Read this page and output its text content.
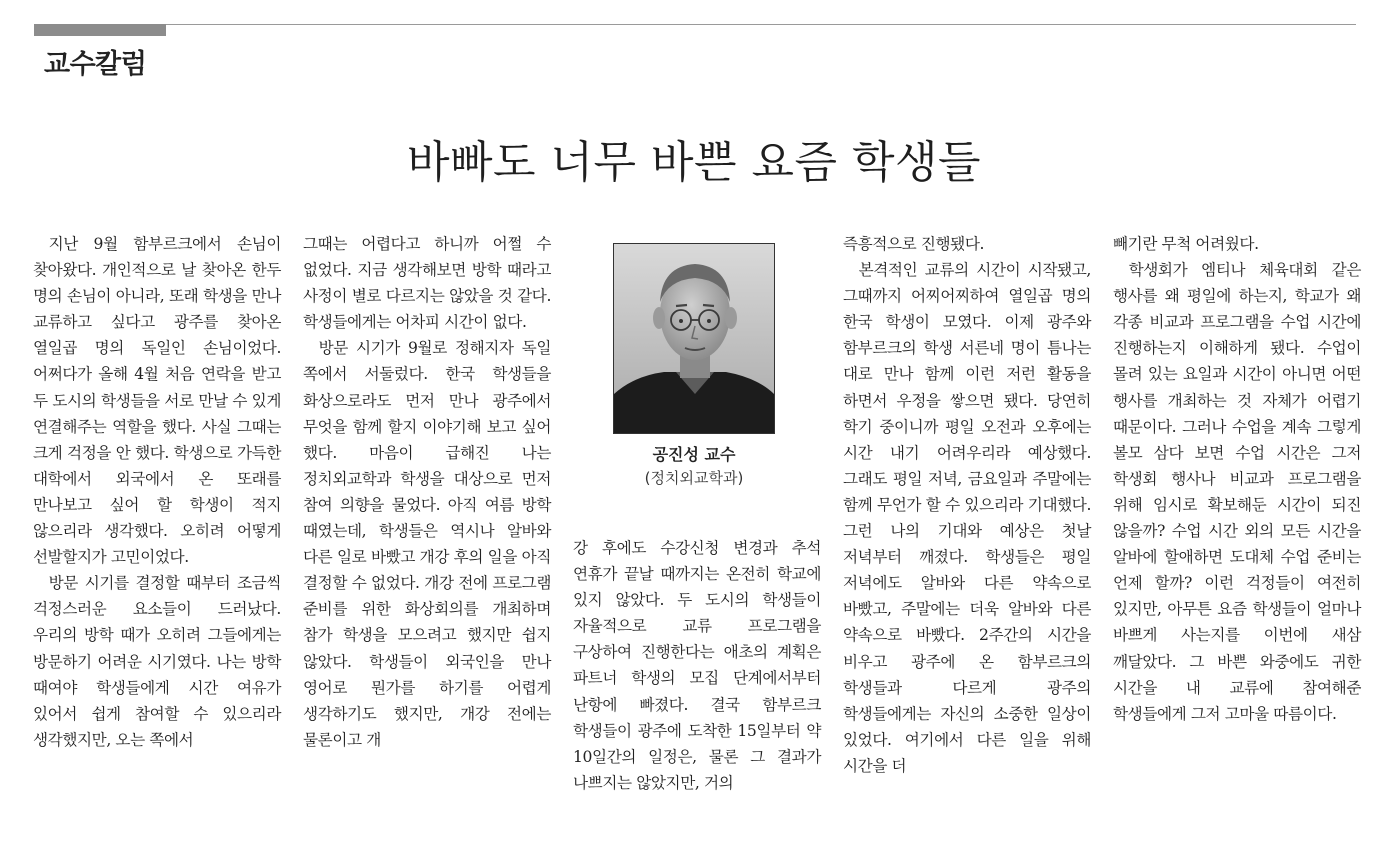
교수칼럼
바빠도 너무 바쁜 요즘 학생들

지난 9월 함부르크에서 손님이 찾아왔다. 개인적으로 날 찾아온 한두 명의 손님이 아니라, 또래 학생을 만나 교류하고 싶다고 광주를 찾아온 열일곱 명의 독일인 손님이었다. 어쩌다가 올해 4월 처음 연락을 받고 두 도시의 학생들을 서로 만날 수 있게 연결해주는 역할을 했다. 사실 그때는 크게 걱정을 안 했다. 학생으로 가득한 대학에서 외국에서 온 또래를 만나보고 싶어 할 학생이 적지 않으리라 생각했다. 오히려 어떻게 선발할지가 고민이었다.

방문 시기를 결정할 때부터 조금씩 걱정스러운 요소들이 드러났다. 우리의 방학 때가 오히려 그들에게는 방문하기 어려운 시기였다. 나는 방학 때여야 학생들에게 시간 여유가 있어서 쉽게 참여할 수 있으리라 생각했지만, 오는 쪽에서

그때는 어렵다고 하니까 어쩔 수 없었다. 지금 생각해보면 방학 때라고 사정이 별로 다르지는 않았을 것 같다. 학생들에게는 어차피 시간이 없다.

방문 시기가 9월로 정해지자 독일 쪽에서 서둘렀다. 한국 학생들을 화상으로라도 먼저 만나 광주에서 무엇을 함께 할지 이야기해 보고 싶어 했다. 마음이 급해진 나는 정치외교학과 학생을 대상으로 먼저 참여 의향을 물었다. 아직 여름 방학 때였는데, 학생들은 역시나 알바와 다른 일로 바빴고 개강 후의 일을 아직 결정할 수 없었다. 개강 전에 프로그램 준비를 위한 화상회의를 개최하며 참가 학생을 모으려고 했지만 쉽지 않았다. 학생들이 외국인을 만나 영어로 뭔가를 하기를 어렵게 생각하기도 했지만, 개강 전에는 물론이고 개

공진성 교수
(정치외교학과)

강 후에도 수강신청 변경과 추석 연휴가 끝날 때까지는 온전히 학교에 있지 않았다. 두 도시의 학생들이 자율적으로 교류 프로그램을 구상하여 진행한다는 애초의 계획은 파트너 학생의 모집 단계에서부터 난항에 빠졌다. 결국 함부르크 학생들이 광주에 도착한 15일부터 약 10일간의 일정은, 물론 그 결과가 나쁘지는 않았지만, 거의

즉흥적으로 진행됐다.

본격적인 교류의 시간이 시작됐고, 그때까지 어찌어찌하여 열일곱 명의 한국 학생이 모였다. 이제 광주와 함부르크의 학생 서른네 명이 틈나는 대로 만나 함께 이런 저런 활동을 하면서 우정을 쌓으면 됐다. 당연히 학기 중이니까 평일 오전과 오후에는 시간 내기 어려우리라 예상했다. 그래도 평일 저녁, 금요일과 주말에는 함께 무언가 할 수 있으리라 기대했다. 그런 나의 기대와 예상은 첫날 저녁부터 깨졌다. 학생들은 평일 저녁에도 알바와 다른 약속으로 바빴고, 주말에는 더욱 알바와 다른 약속으로 바빴다. 2주간의 시간을 비우고 광주에 온 함부르크의 학생들과 다르게 광주의 학생들에게는 자신의 소중한 일상이 있었다. 여기에서 다른 일을 위해 시간을 더

빼기란 무척 어려웠다.

학생회가 엠티나 체육대회 같은 행사를 왜 평일에 하는지, 학교가 왜 각종 비교과 프로그램을 수업 시간에 진행하는지 이해하게 됐다. 수업이 몰려 있는 요일과 시간이 아니면 어떤 행사를 개최하는 것 자체가 어렵기 때문이다. 그러나 수업을 계속 그렇게 볼모 삼다 보면 수업 시간은 그저 학생회 행사나 비교과 프로그램을 위해 임시로 확보해둔 시간이 되진 않을까? 수업 시간 외의 모든 시간을 알바에 할애하면 도대체 수업 준비는 언제 할까? 이런 걱정들이 여전히 있지만, 아무튼 요즘 학생들이 얼마나 바쁘게 사는지를 이번에 새삼 깨달았다. 그 바쁜 와중에도 귀한 시간을 내 교류에 참여해준 학생들에게 그저 고마울 따름이다.
